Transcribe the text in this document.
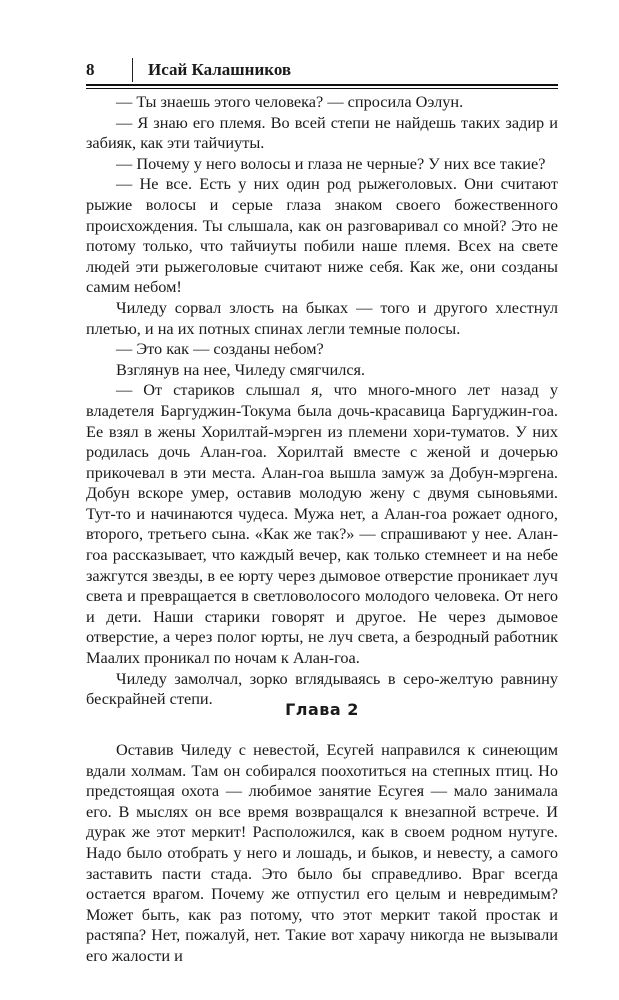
8	Исай Калашников

— Ты знаешь этого человека? — спросила Оэлун.

— Я знаю его племя. Во всей степи не найдешь таких задир и забияк, как эти тайчиуты.

— Почему у него волосы и глаза не черные? У них все такие?

— Не все. Есть у них один род рыжеголовых. Они считают рыжие волосы и серые глаза знаком своего божественного происхождения. Ты слышала, как он разговаривал со мной? Это не потому только, что тайчиуты побили наше племя. Всех на свете людей эти рыжеголовые считают ниже себя. Как же, они созданы самим небом!

Чиледу сорвал злость на быках — того и другого хлестнул плетью, и на их потных спинах легли темные полосы.

— Это как — созданы небом?

Взглянув на нее, Чиледу смягчился.

— От стариков слышал я, что много-много лет назад у владетеля Баргуджин-Токума была дочь-красавица Баргуджин-гоа. Ее взял в жены Хорилтай-мэрген из племени хори-туматов. У них родилась дочь Алан-гоа. Хорилтай вместе с женой и дочерью прикочевал в эти места. Алан-гоа вышла замуж за Добун-мэргена. Добун вскоре умер, оставив молодую жену с двумя сыновьями. Тут-то и начинаются чудеса. Мужа нет, а Алан-гоа рожает одного, второго, третьего сына. «Как же так?» — спрашивают у нее. Алан-гоа рассказывает, что каждый вечер, как только стемнеет и на небе зажгутся звезды, в ее юрту через дымовое отверстие проникает луч света и превращается в светловолосого молодого человека. От него и дети. Наши старики говорят и другое. Не через дымовое отверстие, а через полог юрты, не луч света, а безродный работник Маалих проникал по ночам к Алан-гоа.

Чиледу замолчал, зорко вглядываясь в серо-желтую равнину бескрайней степи.

Глава 2

Оставив Чиледу с невестой, Есугей направился к синеющим вдали холмам. Там он собирался поохотиться на степных птиц. Но предстоящая охота — любимое занятие Есугея — мало занимала его. В мыслях он все время возвращался к внезапной встрече. И дурак же этот меркит! Расположился, как в своем родном нутуге. Надо было отобрать у него и лошадь, и быков, и невесту, а самого заставить пасти стада. Это было бы справедливо. Враг всегда остается врагом. Почему же отпустил его целым и невредимым? Может быть, как раз потому, что этот меркит такой простак и растяпа? Нет, пожалуй, нет. Такие вот харачу никогда не вызывали его жалости и
